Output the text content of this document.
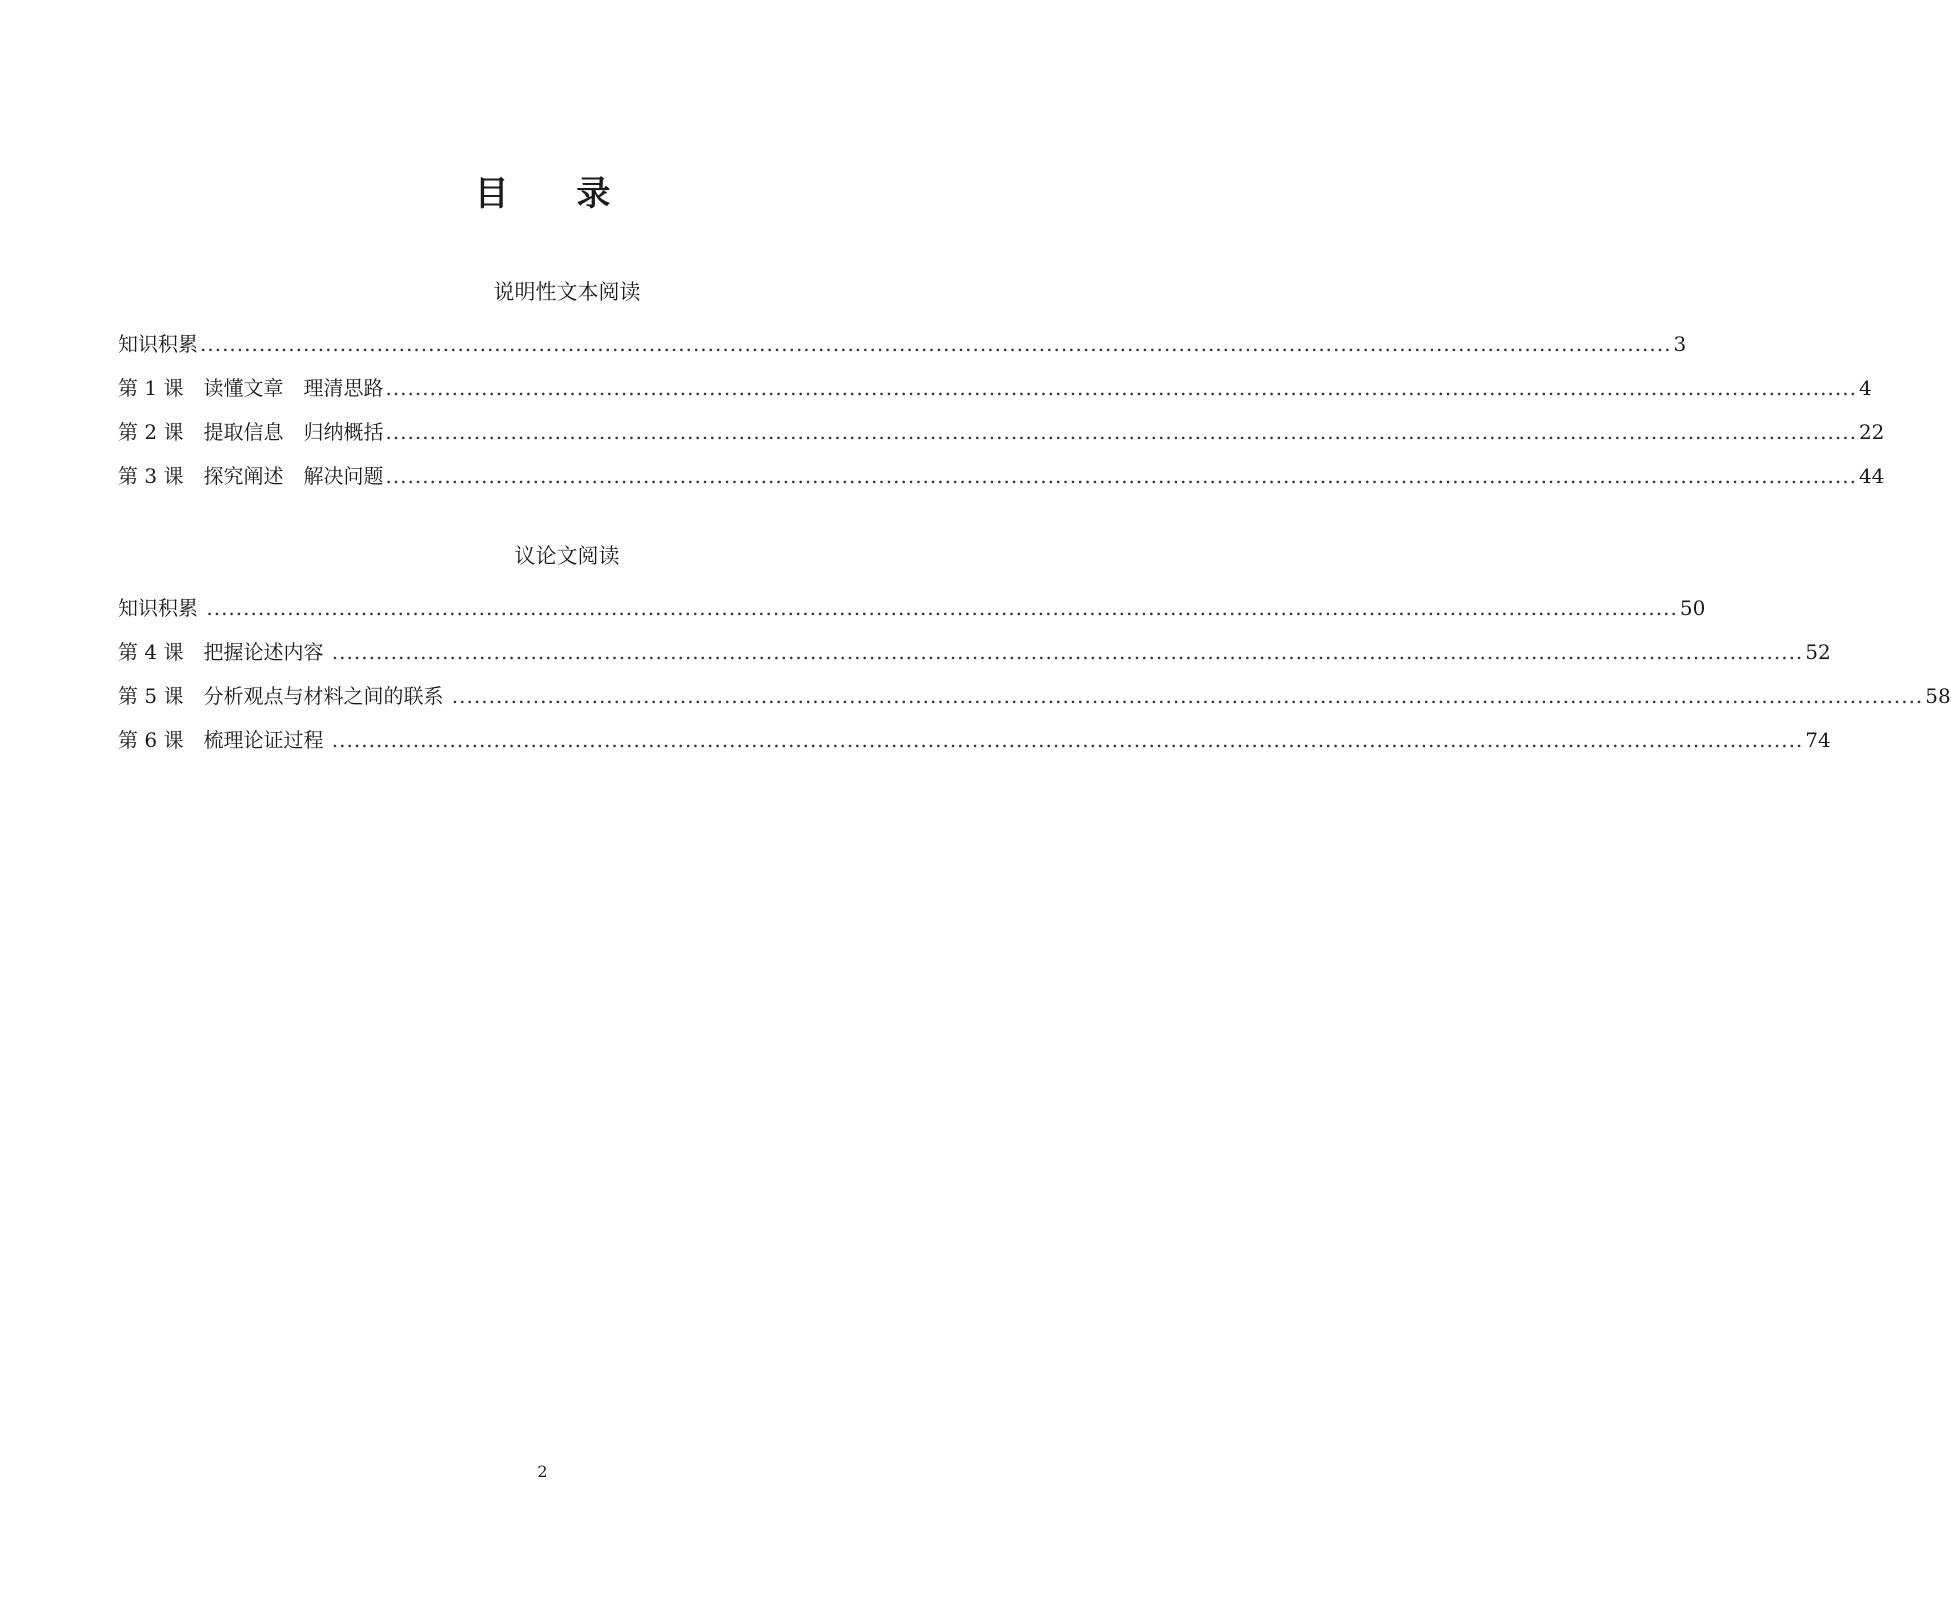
目 录
说明性文本阅读
知识积累 ........................................................................................................................................................................................................ 3
第 1 课　读懂文章　理清思路 ........................................................................................................................................................................................................ 4
第 2 课　提取信息　归纳概括 ........................................................................................................................................................................................................ 22
第 3 课　探究阐述　解决问题 ........................................................................................................................................................................................................ 44
议论文阅读
知识积累 ........................................................................................................................................................................................................ 50
第 4 课　把握论述内容 ........................................................................................................................................................................................................ 52
第 5 课　分析观点与材料之间的联系 ........................................................................................................................................................................................................ 58
第 6 课　梳理论证过程 ........................................................................................................................................................................................................ 74
2
